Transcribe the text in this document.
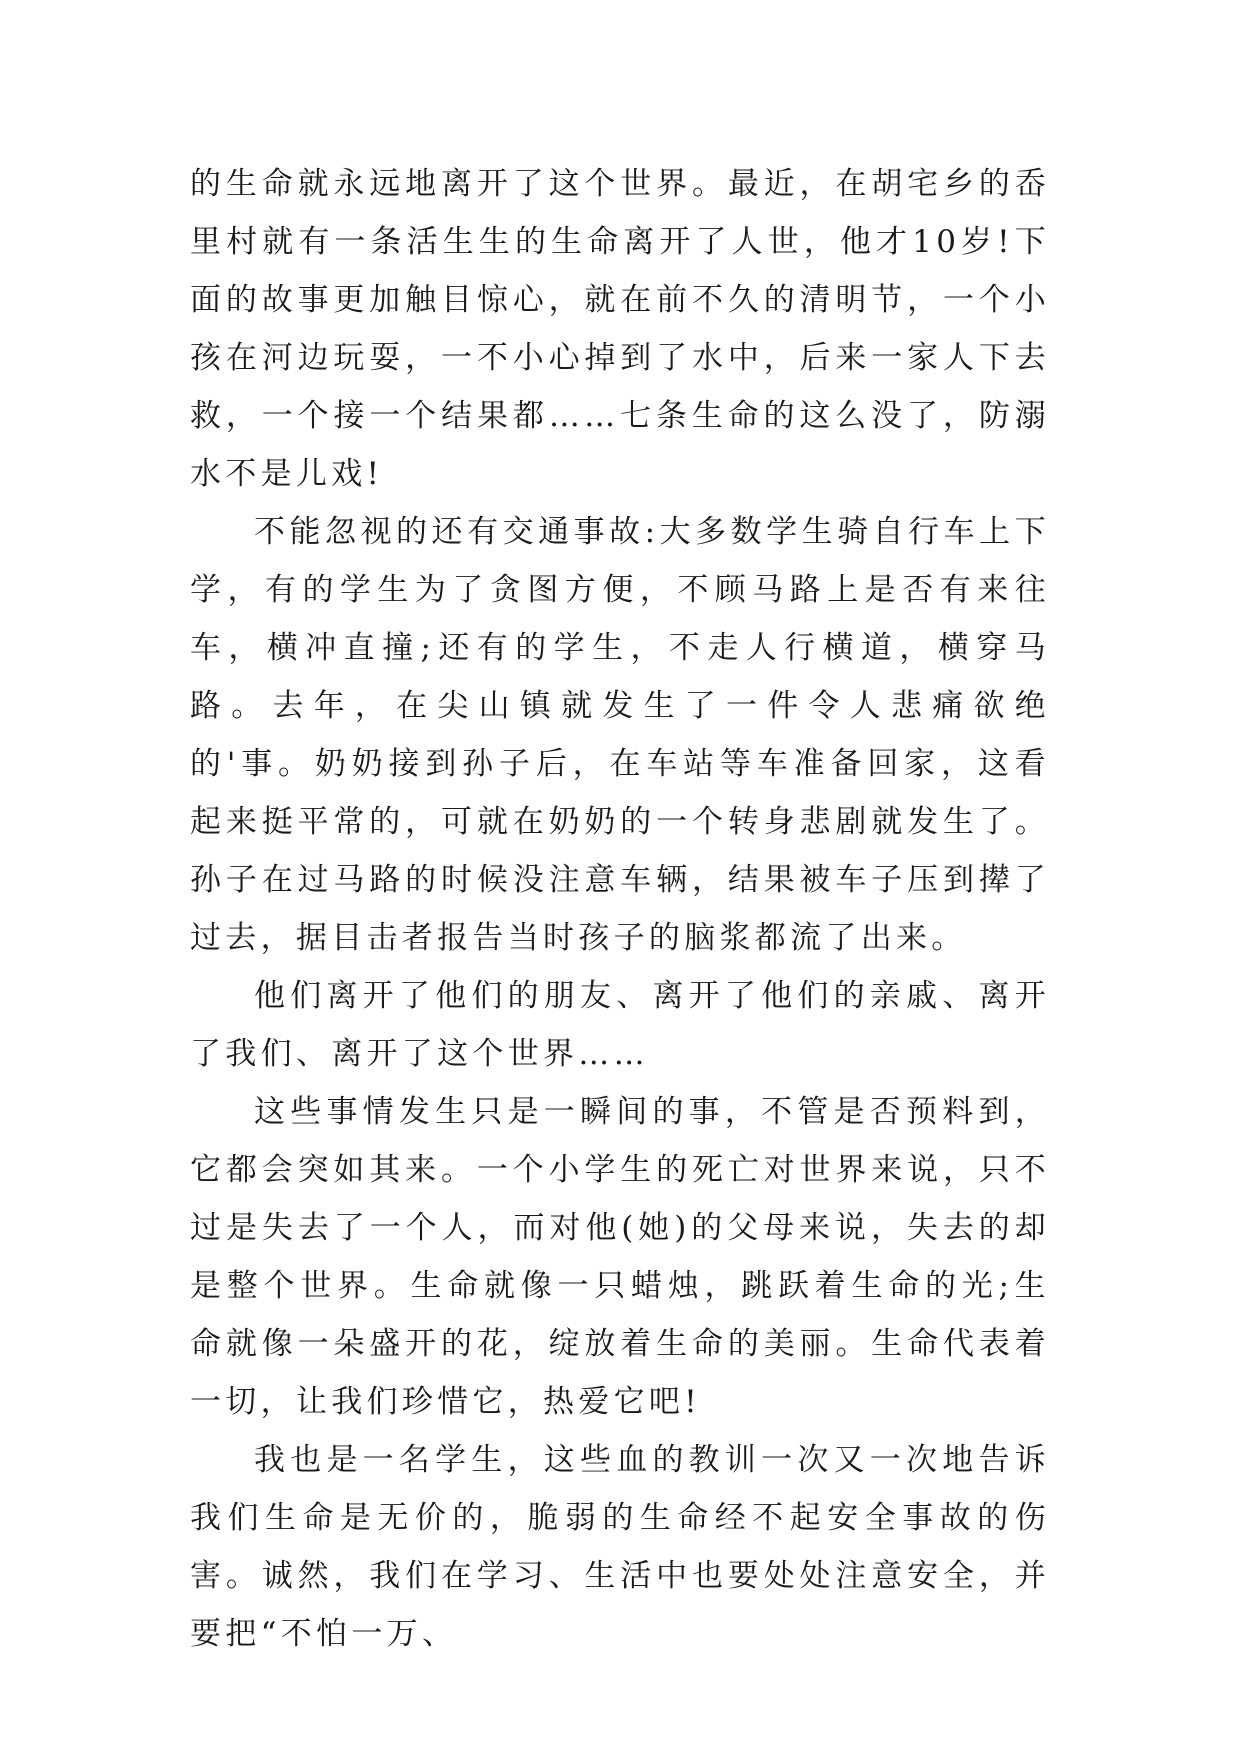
的生命就永远地离开了这个世界。最近，在胡宅乡的岙里村就有一条活生生的生命离开了人世，他才10岁!下面的故事更加触目惊心，就在前不久的清明节，一个小孩在河边玩耍，一不小心掉到了水中，后来一家人下去救，一个接一个结果都……七条生命的这么没了，防溺水不是儿戏!

不能忽视的还有交通事故:大多数学生骑自行车上下学，有的学生为了贪图方便，不顾马路上是否有来往车，横冲直撞;还有的学生，不走人行横道，横穿马路。去年，在尖山镇就发生了一件令人悲痛欲绝的'事。奶奶接到孙子后，在车站等车准备回家，这看起来挺平常的，可就在奶奶的一个转身悲剧就发生了。孙子在过马路的时候没注意车辆，结果被车子压到撵了过去，据目击者报告当时孩子的脑浆都流了出来。

他们离开了他们的朋友、离开了他们的亲戚、离开了我们、离开了这个世界……

这些事情发生只是一瞬间的事，不管是否预料到，它都会突如其来。一个小学生的死亡对世界来说，只不过是失去了一个人，而对他(她)的父母来说，失去的却是整个世界。生命就像一只蜡烛，跳跃着生命的光;生命就像一朵盛开的花，绽放着生命的美丽。生命代表着一切，让我们珍惜它，热爱它吧!

我也是一名学生，这些血的教训一次又一次地告诉我们生命是无价的，脆弱的生命经不起安全事故的伤害。诚然，我们在学习、生活中也要处处注意安全，并要把“不怕一万、
